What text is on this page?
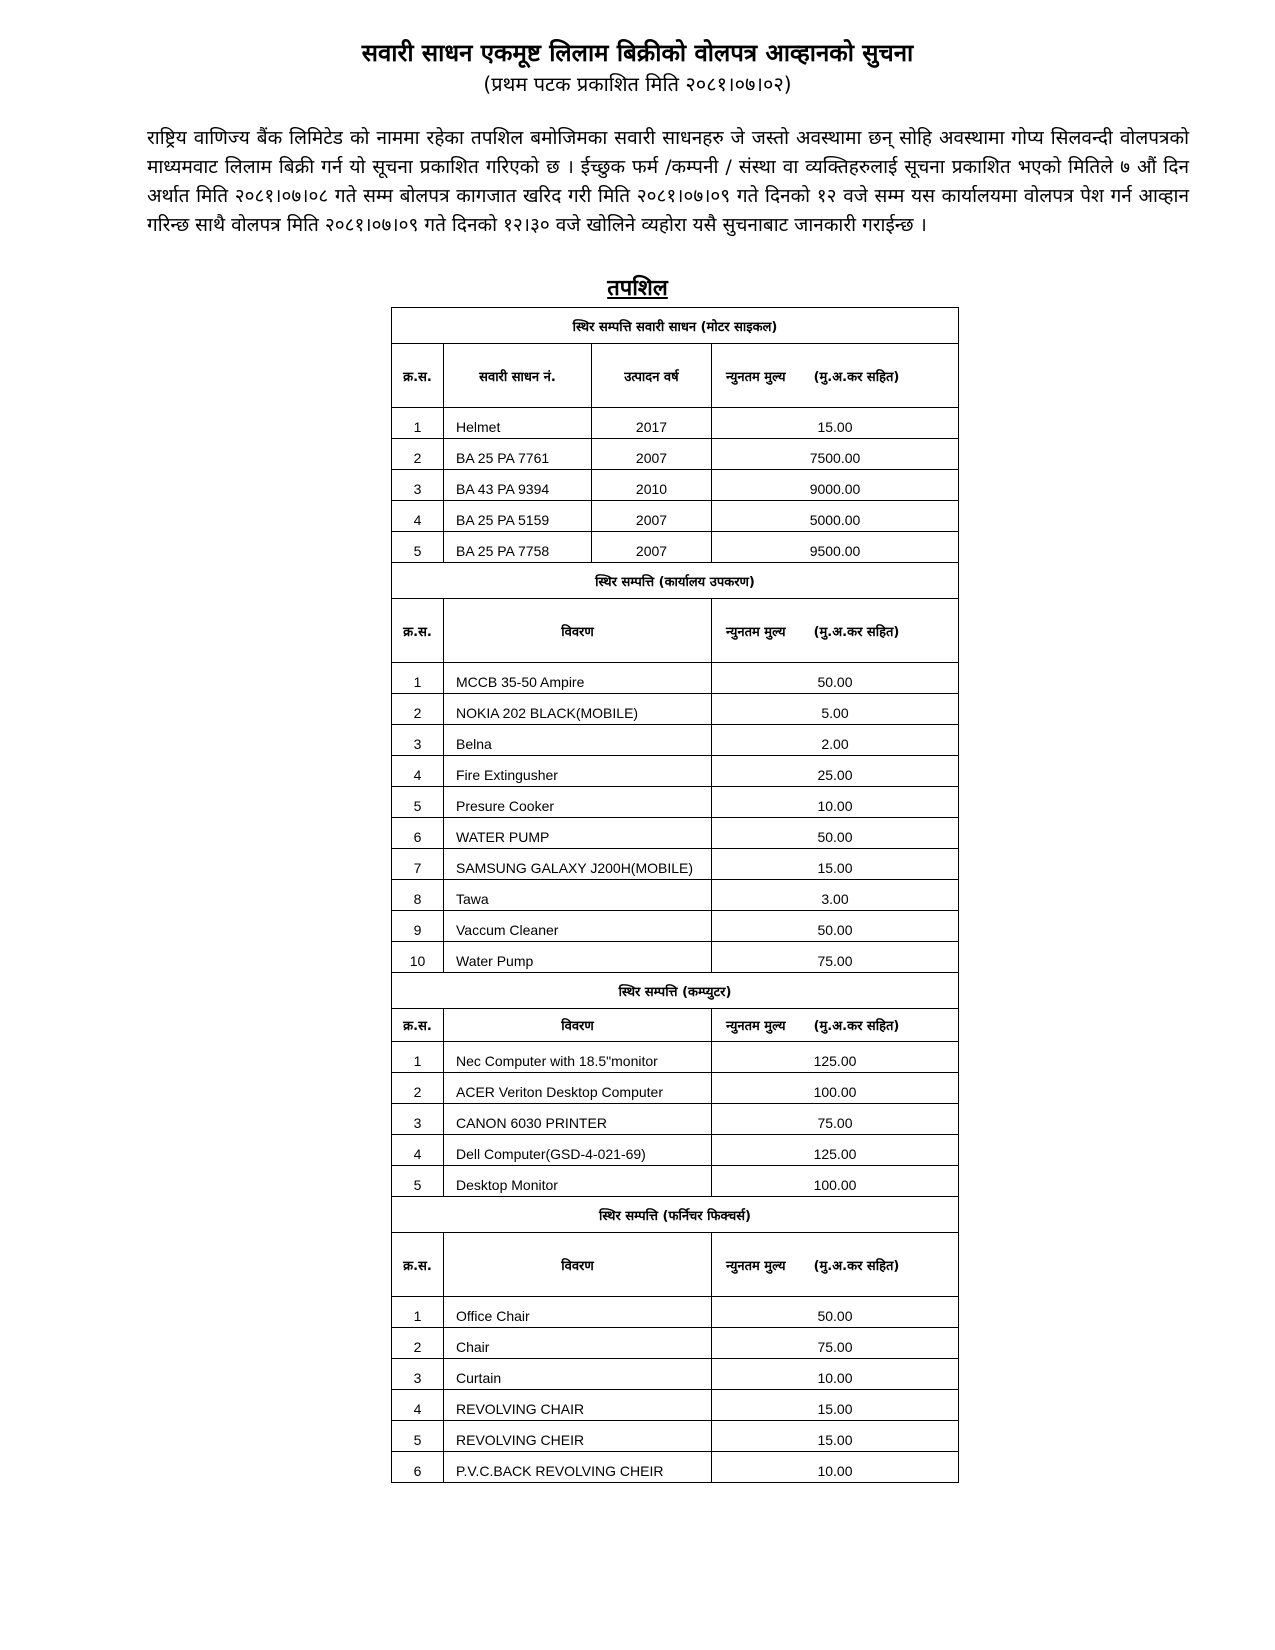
सवारी साधन एकमूष्ट लिलाम बिक्रीको वोलपत्र आव्हानको सुचना
(प्रथम पटक प्रकाशित मिति २०८१।०७।०२)

राष्ट्रिय वाणिज्य बैंक लिमिटेड को नाममा रहेका तपशिल बमोजिमका सवारी साधनहरु जे जस्तो अवस्थामा छन् सोहि अवस्थामा गोप्य सिलवन्दी वोलपत्रको माध्यमवाट लिलाम बिक्री गर्न यो सूचना प्रकाशित गरिएको छ । ईच्छुक फर्म /कम्पनी / संस्था वा व्यक्तिहरुलाई सूचना प्रकाशित भएको मितिले ७ औं दिन अर्थात मिति २०८१।०७।०८ गते सम्म बोलपत्र कागजात खरिद गरी मिति २०८१।०७।०९ गते दिनको १२ वजे सम्म यस कार्यालयमा वोलपत्र पेश गर्न आव्हान गरिन्छ साथै वोलपत्र मिति २०८१।०७।०९ गते दिनको १२।३० वजे खोलिने व्यहोरा यसै सुचनाबाट जानकारी गराईन्छ ।

तपशिल
स्थिर सम्पत्ति सवारी साधन (मोटर साइकल)			
क्र.स.	सवारी साधन नं.	उत्पादन वर्ष	न्युनतम मुल्य (मु.अ.कर सहित)
1	Helmet	2017	15.00
2	BA 25 PA 7761	2007	7500.00
3	BA 43 PA 9394	2010	9000.00
4	BA 25 PA 5159	2007	5000.00
5	BA 25 PA 7758	2007	9500.00
स्थिर सम्पत्ति (कार्यालय उपकरण)			
क्र.स.	विवरण		न्युनतम मुल्य (मु.अ.कर सहित)
1	MCCB 35-50 Ampire		50.00
2	NOKIA 202 BLACK(MOBILE)		5.00
3	Belna		2.00
4	Fire Extingusher		25.00
5	Presure Cooker		10.00
6	WATER PUMP		50.00
7	SAMSUNG GALAXY J200H(MOBILE)		15.00
8	Tawa		3.00
9	Vaccum Cleaner		50.00
10	Water Pump		75.00
स्थिर सम्पत्ति (कम्प्युटर)			
क्र.स.	विवरण		न्युनतम मुल्य (मु.अ.कर सहित)
1	Nec Computer with 18.5"monitor		125.00
2	ACER Veriton Desktop Computer		100.00
3	CANON 6030 PRINTER		75.00
4	Dell Computer(GSD-4-021-69)		125.00
5	Desktop Monitor		100.00
स्थिर सम्पत्ति (फर्निचर फिक्चर्स)			
क्र.स.	विवरण		न्युनतम मुल्य (मु.अ.कर सहित)
1	Office Chair		50.00
2	Chair		75.00
3	Curtain		10.00
4	REVOLVING CHAIR		15.00
5	REVOLVING CHEIR		15.00
6	P.V.C.BACK REVOLVING CHEIR		10.00
